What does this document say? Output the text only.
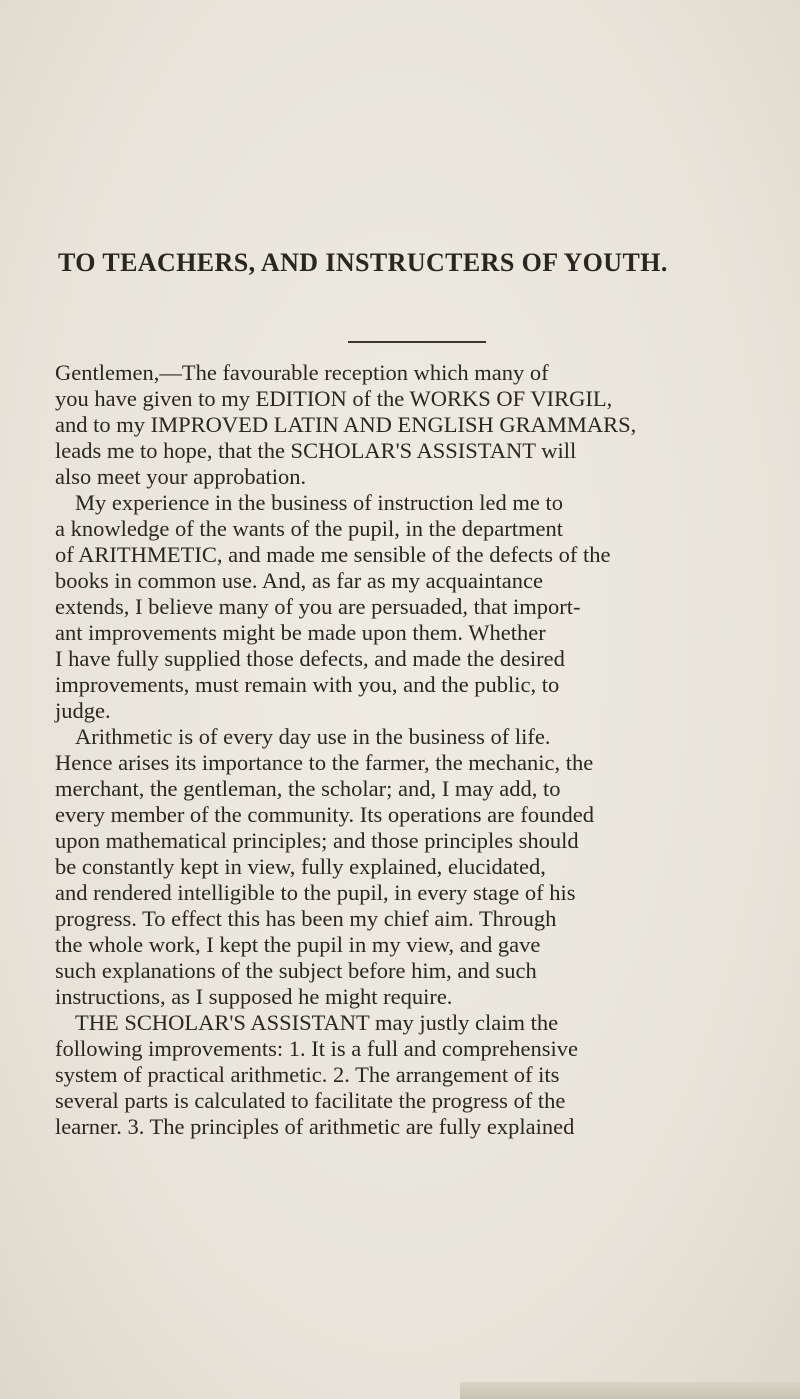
TO TEACHERS, AND INSTRUCTERS OF YOUTH.
Gentlemen,—The favourable reception which many of
you have given to my EDITION of the WORKS OF VIRGIL,
and to my IMPROVED LATIN AND ENGLISH GRAMMARS,
leads me to hope, that the SCHOLAR'S ASSISTANT will
also meet your approbation.
My experience in the business of instruction led me to
a knowledge of the wants of the pupil, in the department
of ARITHMETIC, and made me sensible of the defects of the
books in common use. And, as far as my acquaintance
extends, I believe many of you are persuaded, that import-
ant improvements might be made upon them. Whether
I have fully supplied those defects, and made the desired
improvements, must remain with you, and the public, to
judge.
Arithmetic is of every day use in the business of life.
Hence arises its importance to the farmer, the mechanic, the
merchant, the gentleman, the scholar; and, I may add, to
every member of the community. Its operations are founded
upon mathematical principles; and those principles should
be constantly kept in view, fully explained, elucidated,
and rendered intelligible to the pupil, in every stage of his
progress. To effect this has been my chief aim. Through
the whole work, I kept the pupil in my view, and gave
such explanations of the subject before him, and such
instructions, as I supposed he might require.
THE SCHOLAR'S ASSISTANT may justly claim the
following improvements: 1. It is a full and comprehensive
system of practical arithmetic. 2. The arrangement of its
several parts is calculated to facilitate the progress of the
learner. 3. The principles of arithmetic are fully explained
